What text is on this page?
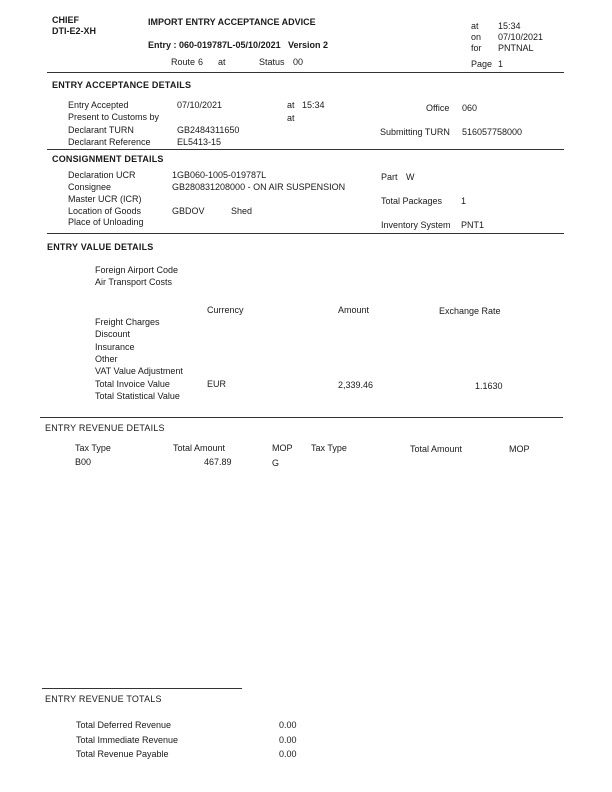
CHIEF
DTI-E2-XH
IMPORT ENTRY ACCEPTANCE ADVICE
Entry : 060-019787L-05/10/2021 Version 2
Route 6 at	Status 00
at 15:34
on 07/10/2021
for PNTNAL
Page 1
ENTRY ACCEPTANCE DETAILS
Entry Accepted	07/10/2021	at 15:34	Office 060
Present to Customs by	at
Declarant TURN	GB2484311650	Submitting TURN 516057758000
Declarant Reference	EL5413-15
CONSIGNMENT DETAILS
Declaration UCR	1GB060-1005-019787L	Part W
Consignee	GB280831208000 - ON AIR SUSPENSION
Master UCR (ICR)	Total Packages 1
Location of Goods	GBDOV	Shed
Place of Unloading	Inventory System PNT1
ENTRY VALUE DETAILS
Foreign Airport Code
Air Transport Costs
Currency	Amount	Exchange Rate
Freight Charges
Discount
Insurance
Other
VAT Value Adjustment
Total Invoice Value	EUR	2,339.46	1.1630
Total Statistical Value
ENTRY REVENUE DETAILS
Tax Type	Total Amount	MOP Tax Type	Total Amount	MOP
B00	467.89	G
ENTRY REVENUE TOTALS
Total Deferred Revenue	0.00
Total Immediate Revenue	0.00
Total Revenue Payable	0.00
